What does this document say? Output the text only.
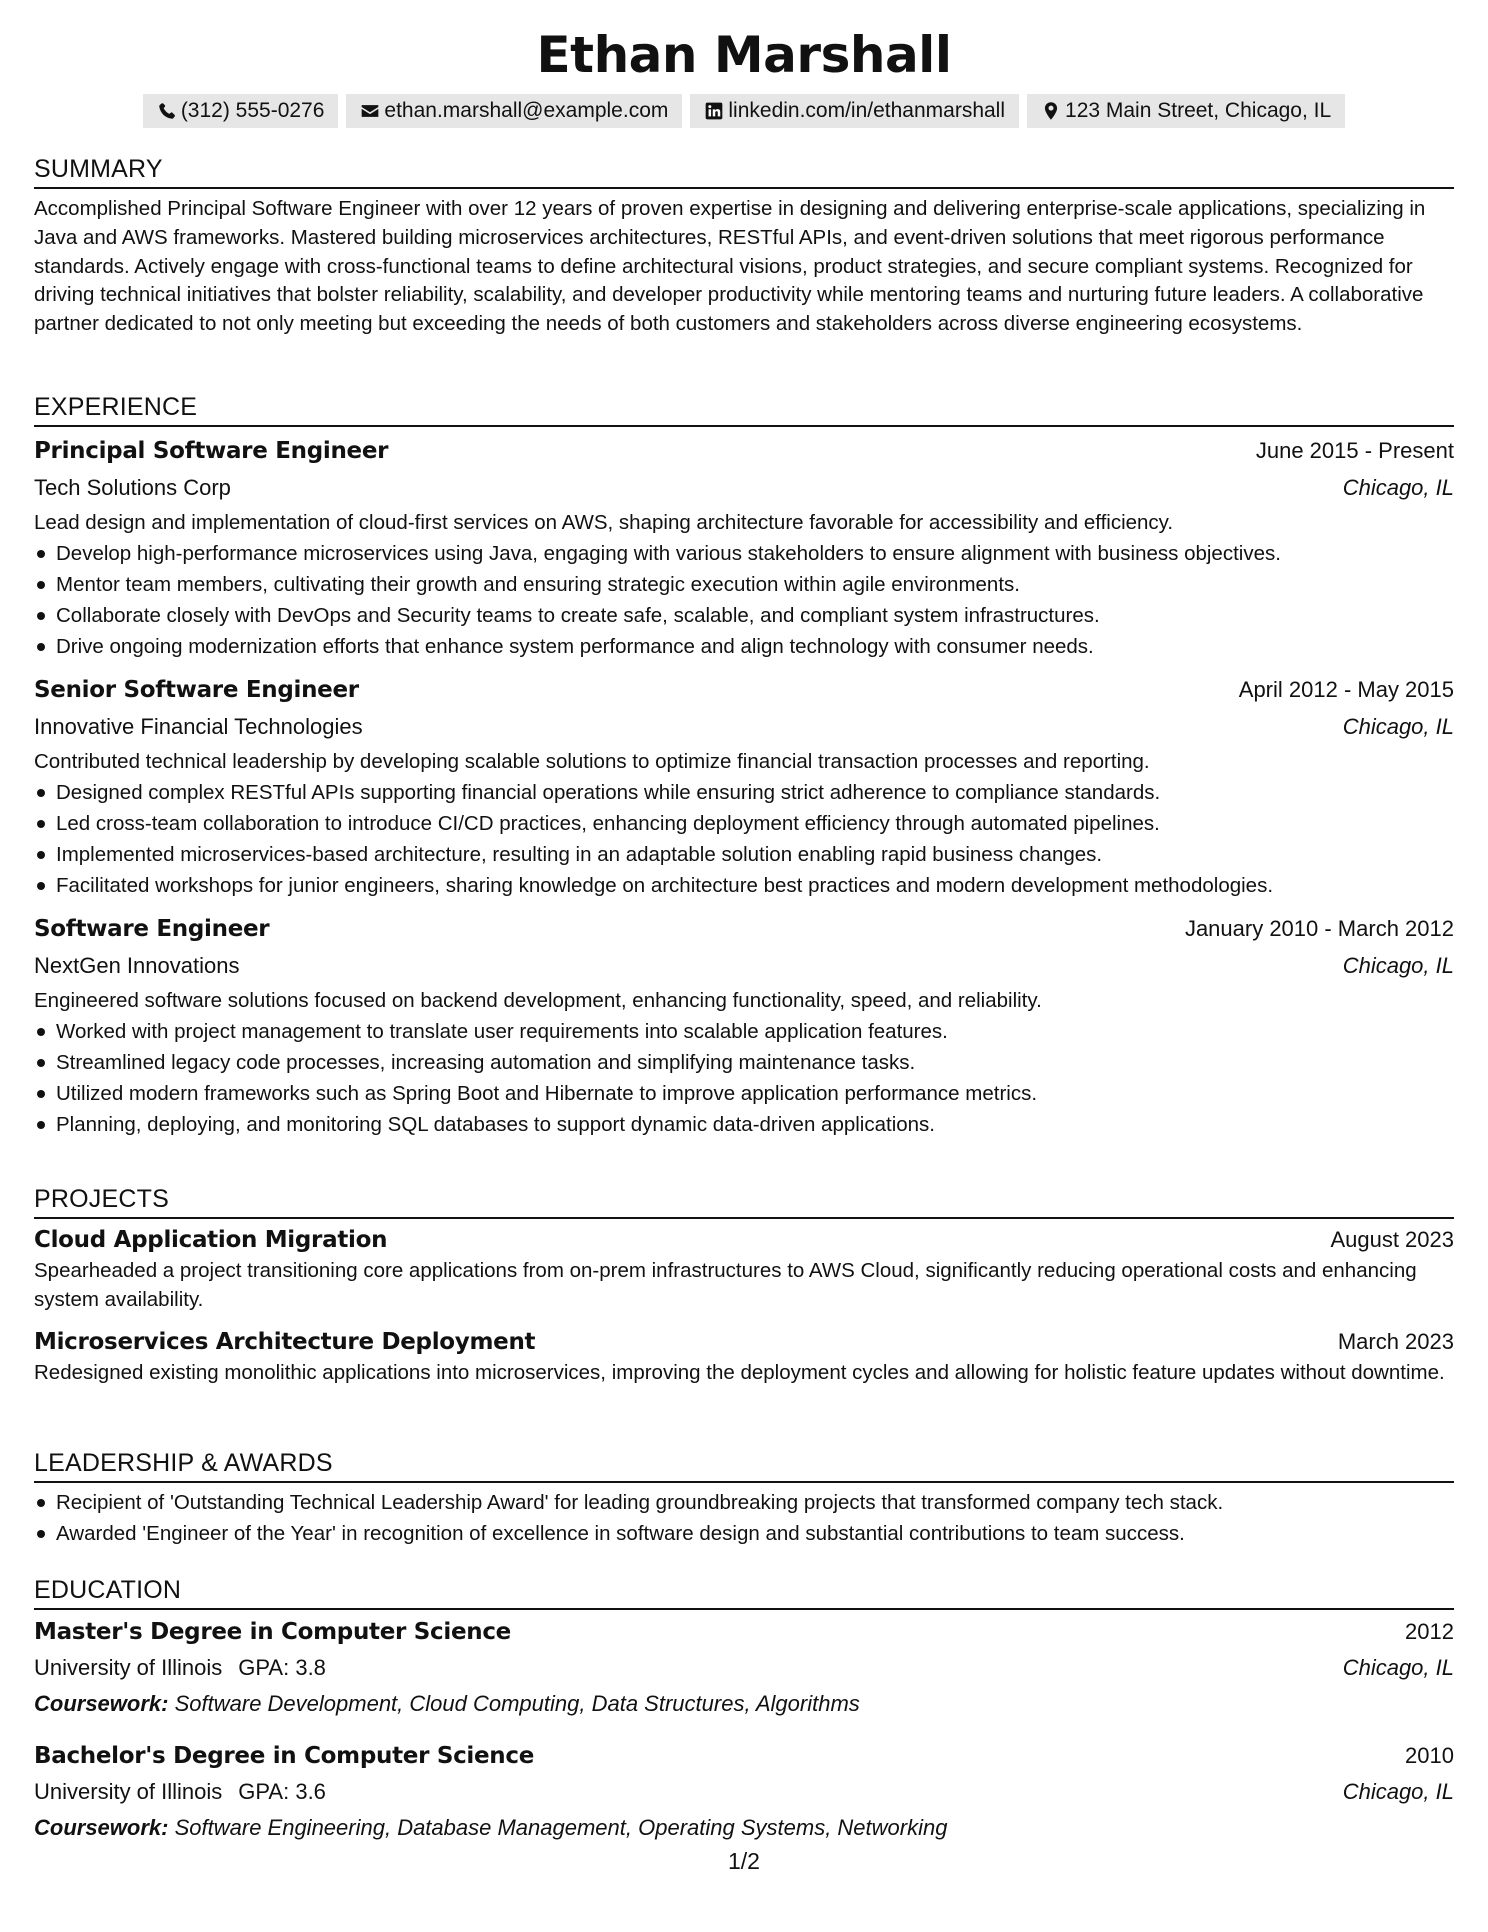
Ethan Marshall
(312) 555-0276	ethan.marshall@example.com	linkedin.com/in/ethanmarshall	123 Main Street, Chicago, IL
SUMMARY
Accomplished Principal Software Engineer with over 12 years of proven expertise in designing and delivering enterprise-scale applications, specializing in Java and AWS frameworks. Mastered building microservices architectures, RESTful APIs, and event-driven solutions that meet rigorous performance standards. Actively engage with cross-functional teams to define architectural visions, product strategies, and secure compliant systems. Recognized for driving technical initiatives that bolster reliability, scalability, and developer productivity while mentoring teams and nurturing future leaders. A collaborative partner dedicated to not only meeting but exceeding the needs of both customers and stakeholders across diverse engineering ecosystems.
EXPERIENCE
Principal Software Engineer	June 2015 - Present
Tech Solutions Corp	Chicago, IL
Lead design and implementation of cloud-first services on AWS, shaping architecture favorable for accessibility and efficiency.
Develop high-performance microservices using Java, engaging with various stakeholders to ensure alignment with business objectives.
Mentor team members, cultivating their growth and ensuring strategic execution within agile environments.
Collaborate closely with DevOps and Security teams to create safe, scalable, and compliant system infrastructures.
Drive ongoing modernization efforts that enhance system performance and align technology with consumer needs.
Senior Software Engineer	April 2012 - May 2015
Innovative Financial Technologies	Chicago, IL
Contributed technical leadership by developing scalable solutions to optimize financial transaction processes and reporting.
Designed complex RESTful APIs supporting financial operations while ensuring strict adherence to compliance standards.
Led cross-team collaboration to introduce CI/CD practices, enhancing deployment efficiency through automated pipelines.
Implemented microservices-based architecture, resulting in an adaptable solution enabling rapid business changes.
Facilitated workshops for junior engineers, sharing knowledge on architecture best practices and modern development methodologies.
Software Engineer	January 2010 - March 2012
NextGen Innovations	Chicago, IL
Engineered software solutions focused on backend development, enhancing functionality, speed, and reliability.
Worked with project management to translate user requirements into scalable application features.
Streamlined legacy code processes, increasing automation and simplifying maintenance tasks.
Utilized modern frameworks such as Spring Boot and Hibernate to improve application performance metrics.
Planning, deploying, and monitoring SQL databases to support dynamic data-driven applications.
PROJECTS
Cloud Application Migration	August 2023
Spearheaded a project transitioning core applications from on-prem infrastructures to AWS Cloud, significantly reducing operational costs and enhancing system availability.
Microservices Architecture Deployment	March 2023
Redesigned existing monolithic applications into microservices, improving the deployment cycles and allowing for holistic feature updates without downtime.
LEADERSHIP & AWARDS
Recipient of 'Outstanding Technical Leadership Award' for leading groundbreaking projects that transformed company tech stack.
Awarded 'Engineer of the Year' in recognition of excellence in software design and substantial contributions to team success.
EDUCATION
Master's Degree in Computer Science	2012
University of Illinois GPA: 3.8	Chicago, IL
Coursework: Software Development, Cloud Computing, Data Structures, Algorithms
Bachelor's Degree in Computer Science	2010
University of Illinois GPA: 3.6	Chicago, IL
Coursework: Software Engineering, Database Management, Operating Systems, Networking
1/2
